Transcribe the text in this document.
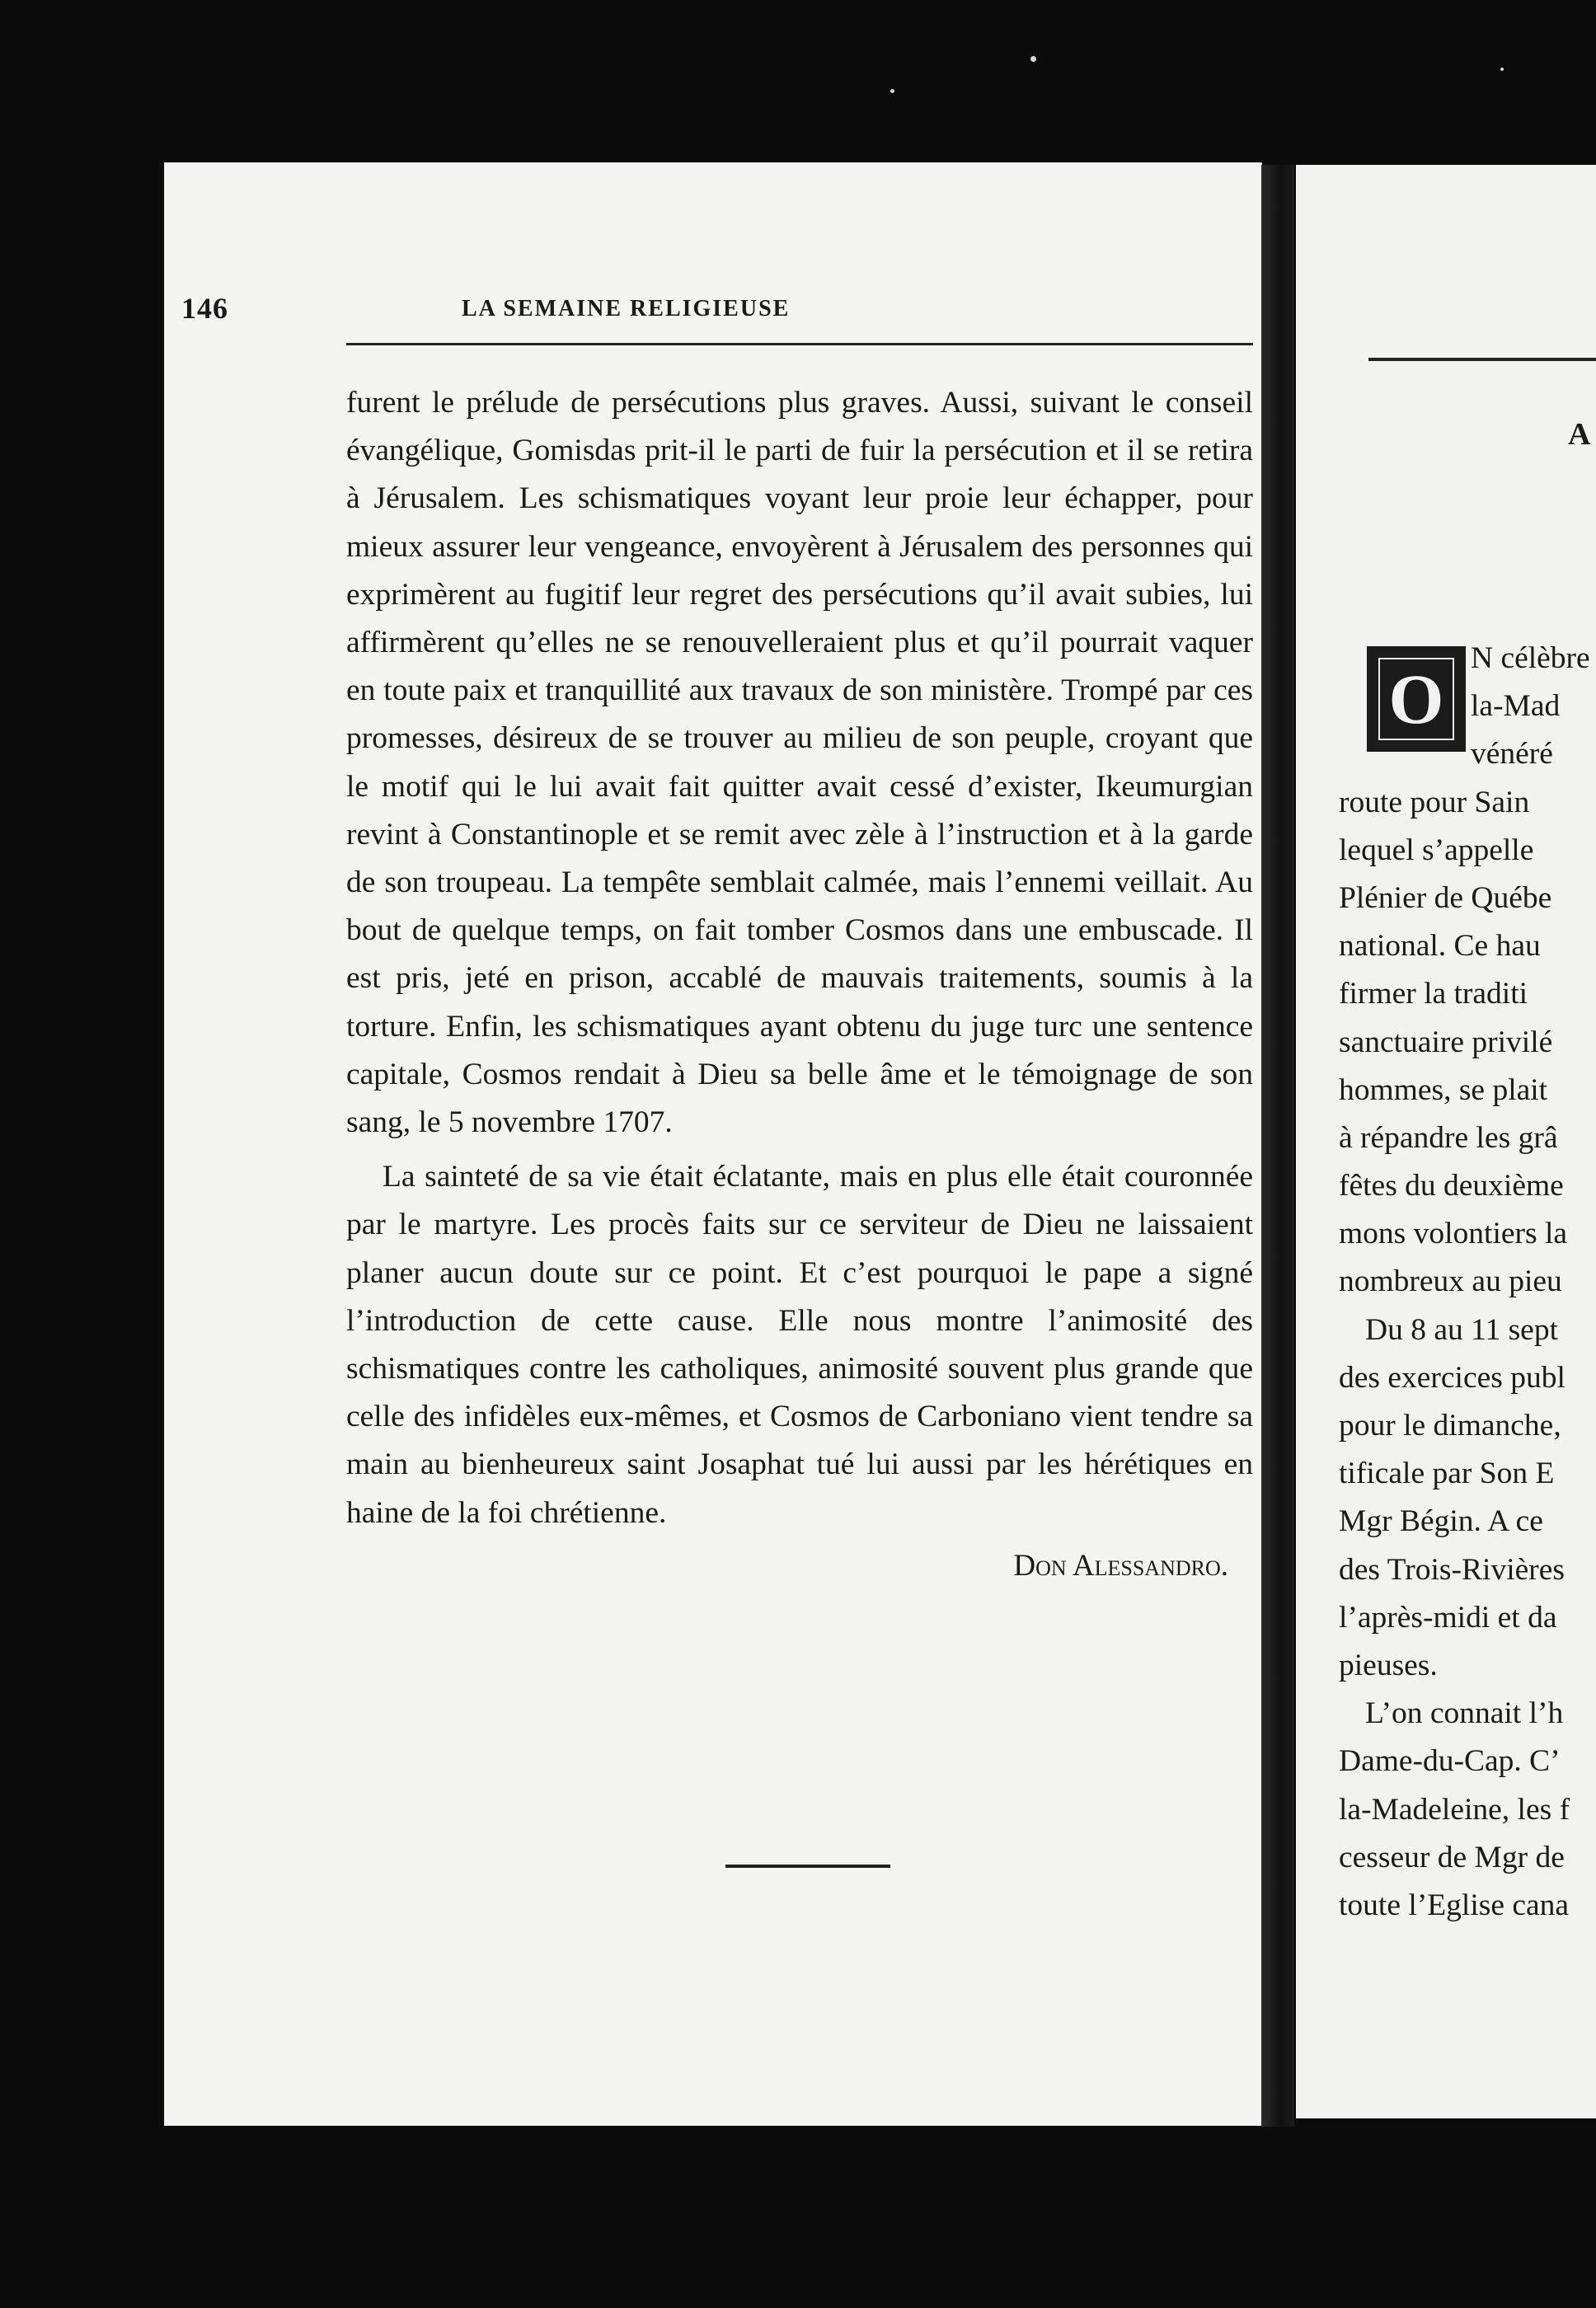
146	LA SEMAINE RELIGIEUSE

furent le prélude de persécutions plus graves. Aussi, suivant le conseil évangélique, Gomisdas prit-il le parti de fuir la persécution et il se retira à Jérusalem. Les schismatiques voyant leur proie leur échapper, pour mieux assurer leur vengeance, envoyèrent à Jérusalem des personnes qui exprimèrent au fugitif leur regret des persécutions qu’il avait subies, lui affirmèrent qu’elles ne se renouvelleraient plus et qu’il pourrait vaquer en toute paix et tranquillité aux travaux de son ministère. Trompé par ces promesses, désireux de se trouver au milieu de son peuple, croyant que le motif qui le lui avait fait quitter avait cessé d’exister, Ikeumurgian revint à Constantinople et se remit avec zèle à l’instruction et à la garde de son troupeau. La tempête semblait calmée, mais l’ennemi veillait. Au bout de quelque temps, on fait tomber Cosmos dans une embuscade. Il est pris, jeté en prison, accablé de mauvais traitements, soumis à la torture. Enfin, les schismatiques ayant obtenu du juge turc une sentence capitale, Cosmos rendait à Dieu sa belle âme et le témoignage de son sang, le 5 novembre 1707.

La sainteté de sa vie était éclatante, mais en plus elle était couronnée par le martyre. Les procès faits sur ce serviteur de Dieu ne laissaient planer aucun doute sur ce point. Et c’est pourquoi le pape a signé l’introduction de cette cause. Elle nous montre l’animosité des schismatiques contre les catholiques, animosité souvent plus grande que celle des infidèles eux-mêmes, et Cosmos de Carboniano vient tendre sa main au bienheureux saint Josaphat tué lui aussi par les hérétiques en haine de la foi chrétienne.

Don Alessandro.

A
O
N célèbre
la-Mad
vénéré
route pour Sain
lequel s’appelle
Plénier de Québe
national. Ce hau
firmer la traditi
sanctuaire privilé
hommes, se plait
à répandre les grâ
fêtes du deuxième
mons volontiers la
nombreux au pieu
Du 8 au 11 sept
des exercices publ
pour le dimanche,
tificale par Son E
Mgr Bégin. A ce
des Trois-Rivières
l’après-midi et da
pieuses.
L’on connait l’h
Dame-du-Cap. C’
la-Madeleine, les f
cesseur de Mgr de
toute l’Eglise cana
